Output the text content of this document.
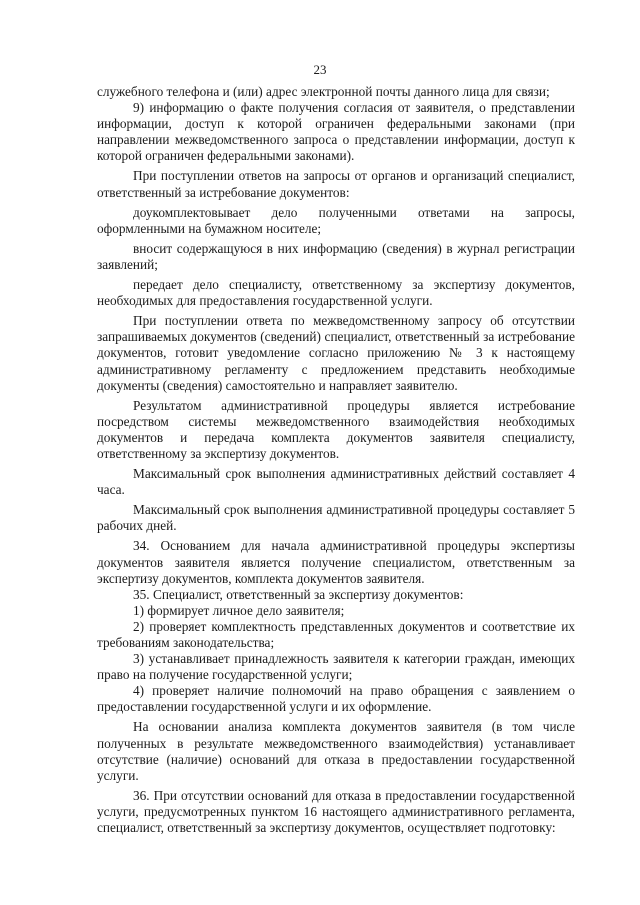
23

служебного телефона и (или) адрес электронной почты данного лица для связи;

9) информацию о факте получения согласия от заявителя, о представлении информации, доступ к которой ограничен федеральными законами (при направлении межведомственного запроса о представлении информации, доступ к которой ограничен федеральными законами).

При поступлении ответов на запросы от органов и организаций специалист, ответственный за истребование документов:

доукомплектовывает дело полученными ответами на запросы, оформленными на бумажном носителе;

вносит содержащуюся в них информацию (сведения) в журнал регистрации заявлений;

передает дело специалисту, ответственному за экспертизу документов, необходимых для предоставления государственной услуги.

При поступлении ответа по межведомственному запросу об отсутствии запрашиваемых документов (сведений) специалист, ответственный за истребование документов, готовит уведомление согласно приложению № 3 к настоящему административному регламенту с предложением представить необходимые документы (сведения) самостоятельно и направляет заявителю.

Результатом административной процедуры является истребование посредством системы межведомственного взаимодействия необходимых документов и передача комплекта документов заявителя специалисту, ответственному за экспертизу документов.

Максимальный срок выполнения административных действий составляет 4 часа.

Максимальный срок выполнения административной процедуры составляет 5 рабочих дней.

34. Основанием для начала административной процедуры экспертизы документов заявителя является получение специалистом, ответственным за экспертизу документов, комплекта документов заявителя.

35. Специалист, ответственный за экспертизу документов:

1) формирует личное дело заявителя;

2) проверяет комплектность представленных документов и соответствие их требованиям законодательства;

3) устанавливает принадлежность заявителя к категории граждан, имеющих право на получение государственной услуги;

4) проверяет наличие полномочий на право обращения с заявлением о предоставлении государственной услуги и их оформление.

На основании анализа комплекта документов заявителя (в том числе полученных в результате межведомственного взаимодействия) устанавливает отсутствие (наличие) оснований для отказа в предоставлении государственной услуги.

36. При отсутствии оснований для отказа в предоставлении государственной услуги, предусмотренных пунктом 16 настоящего административного регламента, специалист, ответственный за экспертизу документов, осуществляет подготовку:
